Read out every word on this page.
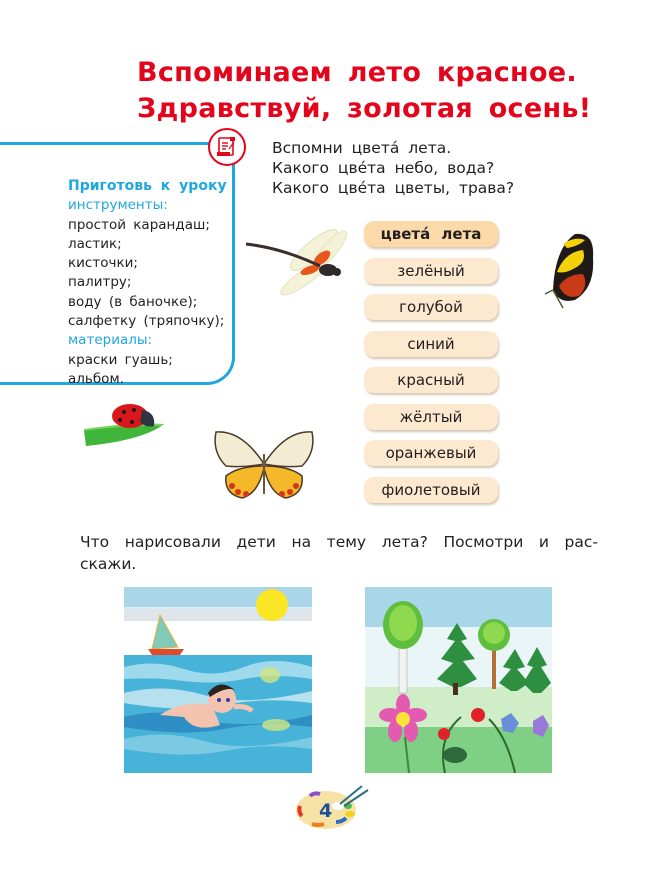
Вспоминаем лето красное.
Здравствуй, золотая осень!
Приготовь к уроку
инструменты:
простой карандаш;
ластик;
кисточки;
палитру;
воду (в баночке);
салфетку (тряпочку);
материалы:
краски гуашь;
альбом.
Вспомни цвета́ лета.
Какого цве́та небо, вода?
Какого цве́та цветы, трава?
цвета́ лета
зелёный
голубой
синий
красный
жёлтый
оранжевый
фиолетовый
Что нарисовали дети на тему лета? Посмотри и рас-скажи.
4
